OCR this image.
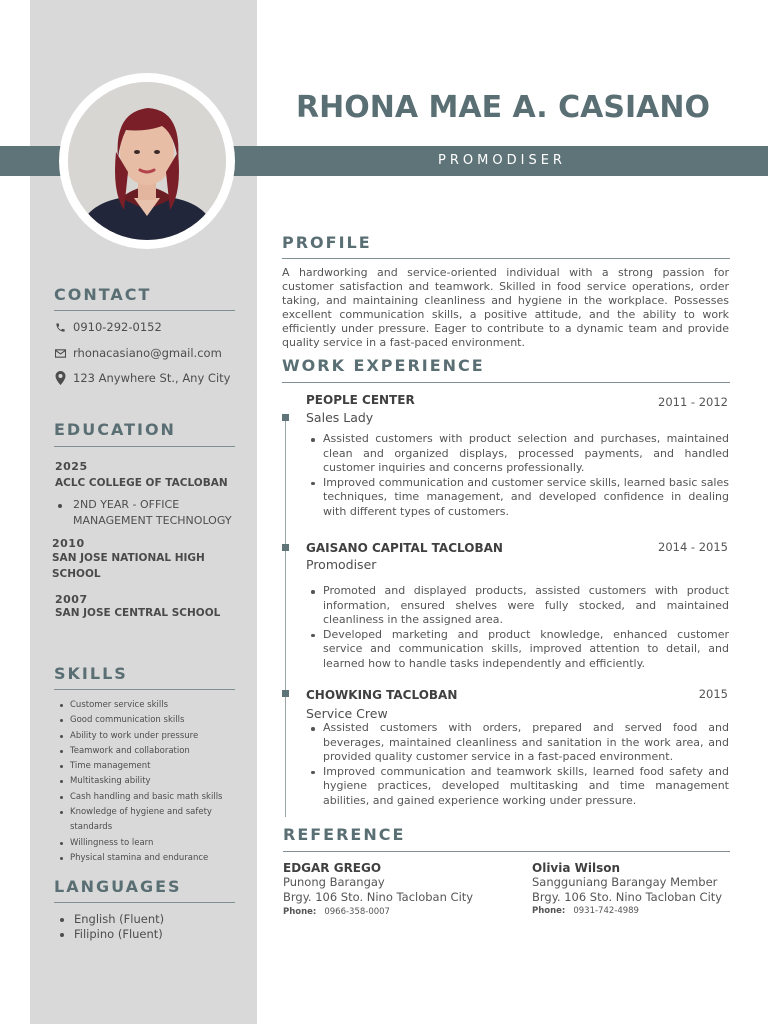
PROMODISER
RHONA MAE A. CASIANO
CONTACT
0910-292-0152
rhonacasiano@gmail.com
123 Anywhere St., Any City
EDUCATION
2025
ACLC COLLEGE OF TACLOBAN
2ND YEAR - OFFICE MANAGEMENT TECHNOLOGY
2010
SAN JOSE NATIONAL HIGH SCHOOL
2007
SAN JOSE CENTRAL SCHOOL
SKILLS
Customer service skills
Good communication skills
Ability to work under pressure
Teamwork and collaboration
Time management
Multitasking ability
Cash handling and basic math skills
Knowledge of hygiene and safety standards
Willingness to learn
Physical stamina and endurance
LANGUAGES
English (Fluent)
Filipino (Fluent)
PROFILE
A hardworking and service-oriented individual with a strong passion for customer satisfaction and teamwork. Skilled in food service operations, order taking, and maintaining cleanliness and hygiene in the workplace. Possesses excellent communication skills, a positive attitude, and the ability to work efficiently under pressure. Eager to contribute to a dynamic team and provide quality service in a fast-paced environment.
WORK EXPERIENCE
PEOPLE CENTER	2011 - 2012
Sales Lady
Assisted customers with product selection and purchases, maintained clean and organized displays, processed payments, and handled customer inquiries and concerns professionally.
Improved communication and customer service skills, learned basic sales techniques, time management, and developed confidence in dealing with different types of customers.
GAISANO CAPITAL TACLOBAN	2014 - 2015
Promodiser
Promoted and displayed products, assisted customers with product information, ensured shelves were fully stocked, and maintained cleanliness in the assigned area.
Developed marketing and product knowledge, enhanced customer service and communication skills, improved attention to detail, and learned how to handle tasks independently and efficiently.
CHOWKING TACLOBAN	2015
Service Crew
Assisted customers with orders, prepared and served food and beverages, maintained cleanliness and sanitation in the work area, and provided quality customer service in a fast-paced environment.
Improved communication and teamwork skills, learned food safety and hygiene practices, developed multitasking and time management abilities, and gained experience working under pressure.
REFERENCE
EDGAR GREGO
Punong Barangay
Brgy. 106 Sto. Nino Tacloban City
Phone: 0966-358-0007
Olivia Wilson
Sangguniang Barangay Member
Brgy. 106 Sto. Nino Tacloban City
Phone: 0931-742-4989
